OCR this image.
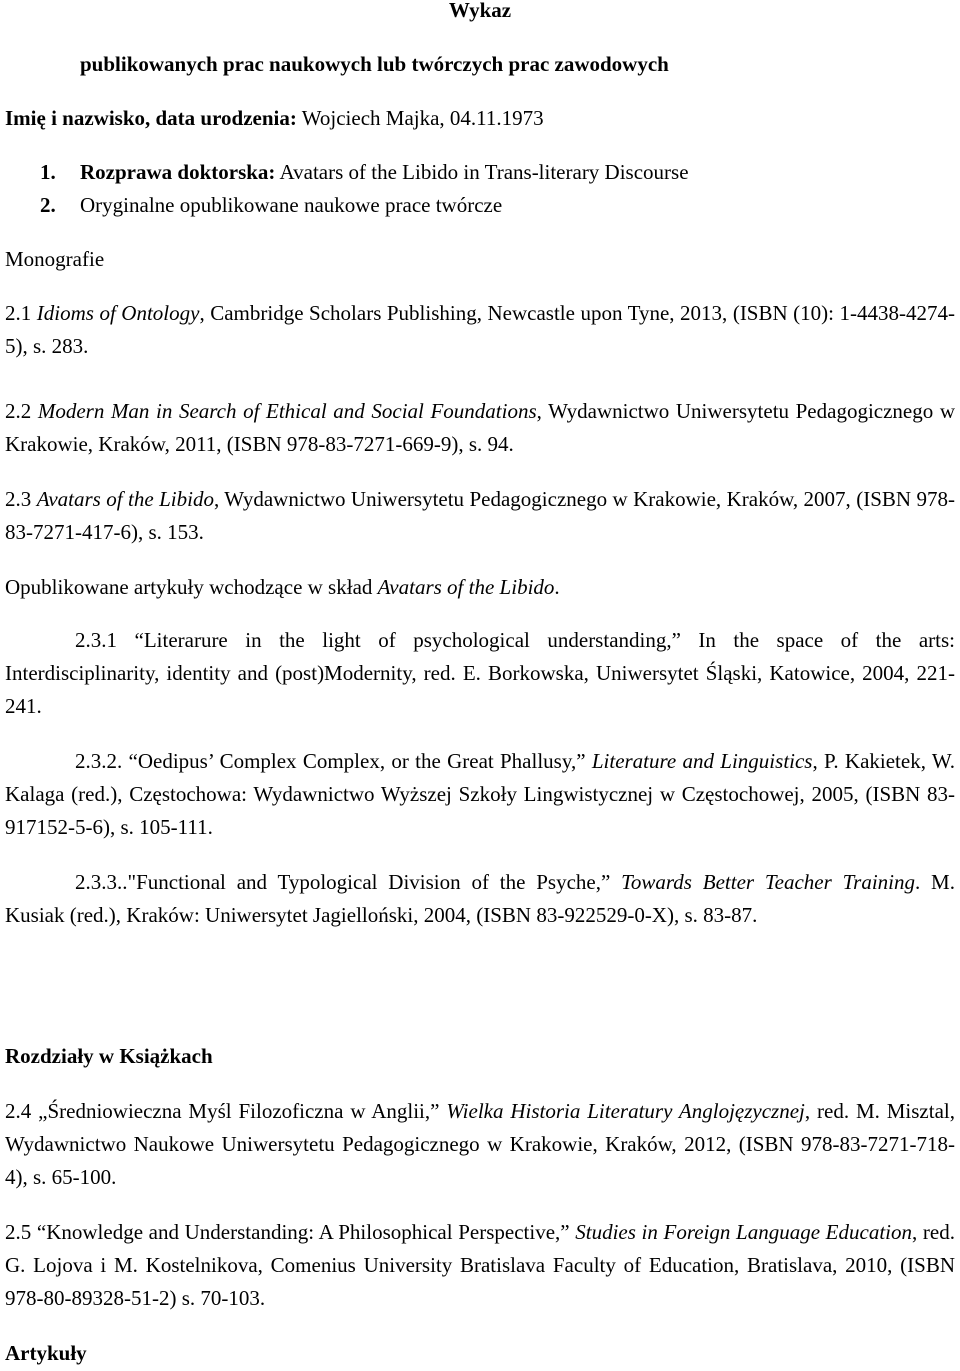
Wykaz
publikowanych prac naukowych lub twórczych prac zawodowych
Imię i nazwisko, data urodzenia: Wojciech Majka, 04.11.1973
1. Rozprawa doktorska: Avatars of the Libido in Trans-literary Discourse
2. Oryginalne opublikowane naukowe prace twórcze
Monografie
2.1 Idioms of Ontology, Cambridge Scholars Publishing, Newcastle upon Tyne, 2013, (ISBN (10): 1-4438-4274-5), s. 283.
2.2 Modern Man in Search of Ethical and Social Foundations, Wydawnictwo Uniwersytetu Pedagogicznego w Krakowie, Kraków, 2011, (ISBN 978-83-7271-669-9), s. 94.
2.3 Avatars of the Libido, Wydawnictwo Uniwersytetu Pedagogicznego w Krakowie, Kraków, 2007, (ISBN 978-83-7271-417-6), s. 153.
Opublikowane artykuły wchodzące w skład Avatars of the Libido.
2.3.1 “Literarure in the light of psychological understanding,” In the space of the arts: Interdisciplinarity, identity and (post)Modernity, red. E. Borkowska, Uniwersytet Śląski, Katowice, 2004, 221-241.
2.3.2. “Oedipus’ Complex Complex, or the Great Phallusy,” Literature and Linguistics, P. Kakietek, W. Kalaga (red.), Częstochowa: Wydawnictwo Wyższej Szkoły Lingwistycznej w Częstochowej, 2005, (ISBN 83-917152-5-6), s. 105-111.
2.3.3.."Functional and Typological Division of the Psyche,” Towards Better Teacher Training. M. Kusiak (red.), Kraków: Uniwersytet Jagielloński, 2004, (ISBN 83-922529-0-X), s. 83-87.
Rozdziały w Książkach
2.4 „Średniowieczna Myśl Filozoficzna w Anglii,” Wielka Historia Literatury Anglojęzycznej, red. M. Misztal, Wydawnictwo Naukowe Uniwersytetu Pedagogicznego w Krakowie, Kraków, 2012, (ISBN 978-83-7271-718-4), s. 65-100.
2.5 “Knowledge and Understanding: A Philosophical Perspective,” Studies in Foreign Language Education, red. G. Lojova i M. Kostelnikova, Comenius University Bratislava Faculty of Education, Bratislava, 2010, (ISBN 978-80-89328-51-2) s. 70-103.
Artykuły
